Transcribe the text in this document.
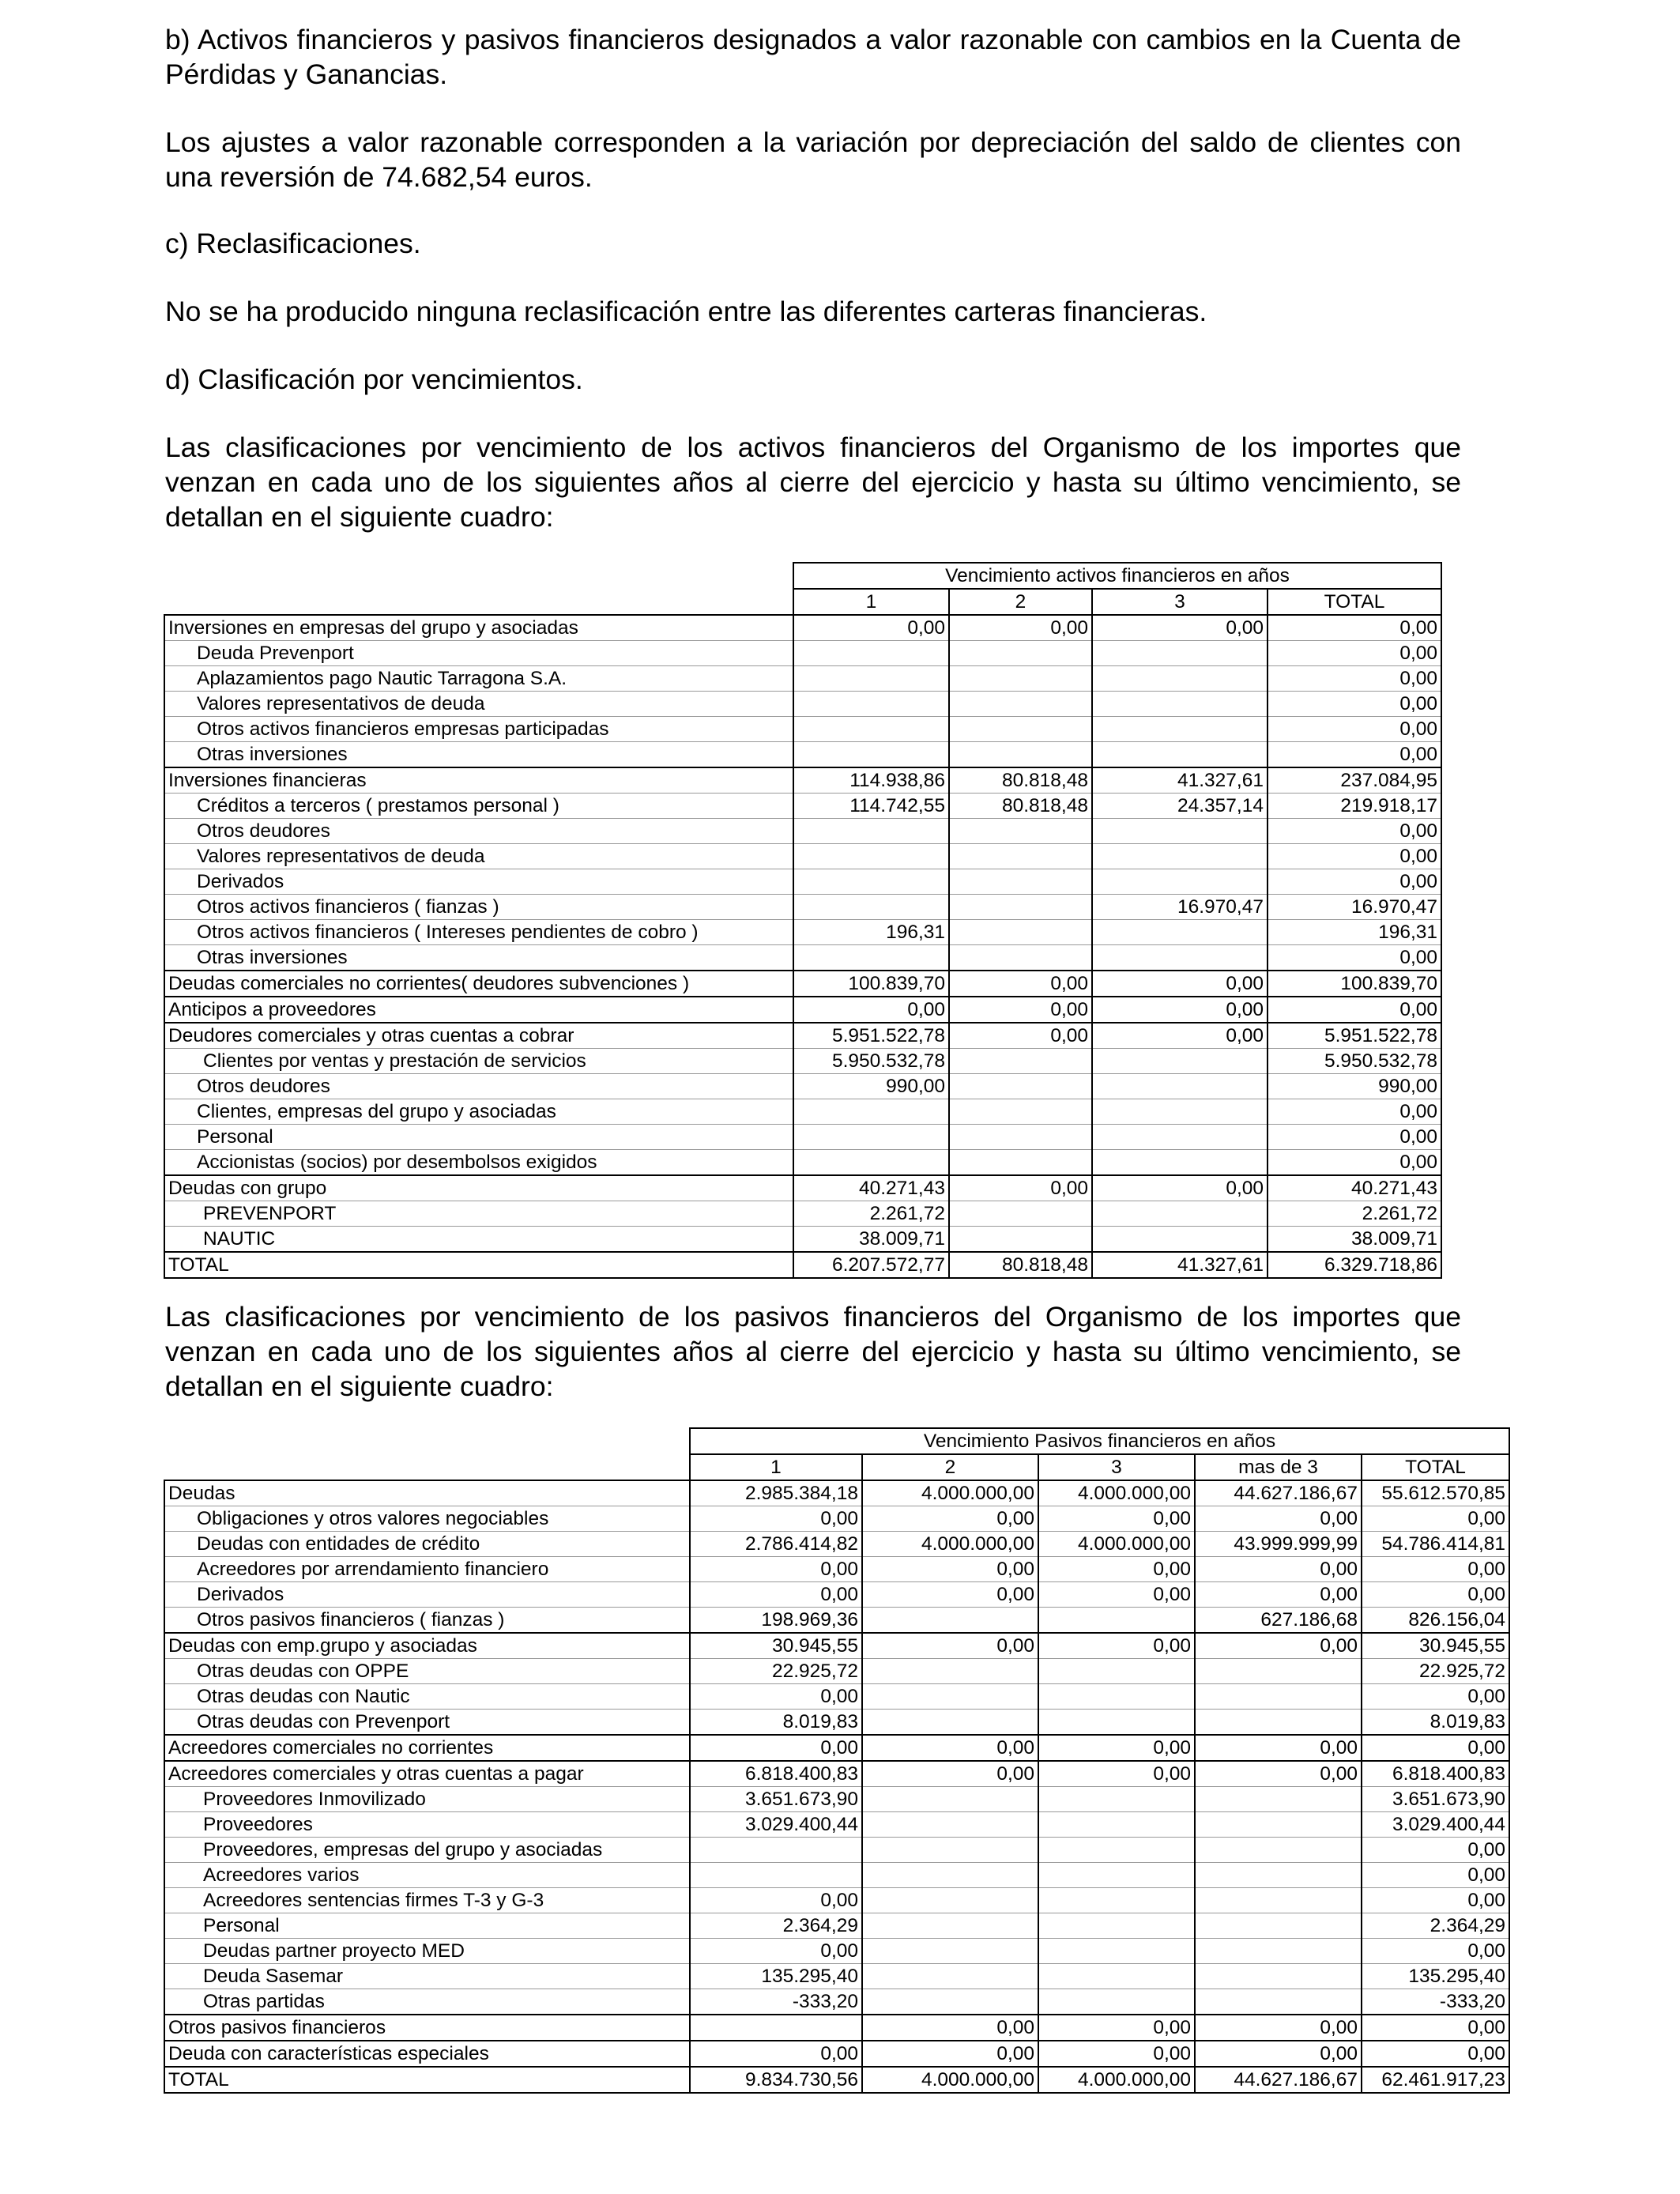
b) Activos financieros y pasivos financieros designados a valor razonable con cambios en la Cuenta de Pérdidas y Ganancias.

Los ajustes a valor razonable corresponden a la variación por depreciación del saldo de clientes con una reversión de 74.682,54 euros.

c) Reclasificaciones.

No se ha producido ninguna reclasificación entre las diferentes carteras financieras.

d) Clasificación por vencimientos.

Las clasificaciones por vencimiento de los activos financieros del Organismo de los importes que venzan en cada uno de los siguientes años al cierre del ejercicio y hasta su último vencimiento, se detallan en el siguiente cuadro:

	Vencimiento activos financieros en años			
	1	2	3	TOTAL
Inversiones en empresas del grupo y asociadas	0,00	0,00	0,00	0,00
Deuda Prevenport				0,00
Aplazamientos pago Nautic Tarragona S.A.				0,00
Valores representativos de deuda				0,00
Otros activos financieros empresas participadas				0,00
Otras inversiones				0,00
Inversiones financieras	114.938,86	80.818,48	41.327,61	237.084,95
Créditos a terceros ( prestamos personal )	114.742,55	80.818,48	24.357,14	219.918,17
Otros deudores				0,00
Valores representativos de deuda				0,00
Derivados				0,00
Otros activos financieros ( fianzas )			16.970,47	16.970,47
Otros activos financieros ( Intereses pendientes de cobro )	196,31			196,31
Otras inversiones				0,00
Deudas comerciales no corrientes( deudores subvenciones )	100.839,70	0,00	0,00	100.839,70
Anticipos a proveedores	0,00	0,00	0,00	0,00
Deudores comerciales y otras cuentas a cobrar	5.951.522,78	0,00	0,00	5.951.522,78
Clientes por ventas y prestación de servicios	5.950.532,78			5.950.532,78
Otros deudores	990,00			990,00
Clientes, empresas del grupo y asociadas				0,00
Personal				0,00
Accionistas (socios) por desembolsos exigidos				0,00
Deudas con grupo	40.271,43	0,00	0,00	40.271,43
PREVENPORT	2.261,72			2.261,72
NAUTIC	38.009,71			38.009,71
TOTAL	6.207.572,77	80.818,48	41.327,61	6.329.718,86

Las clasificaciones por vencimiento de los pasivos financieros del Organismo de los importes que venzan en cada uno de los siguientes años al cierre del ejercicio y hasta su último vencimiento, se detallan en el siguiente cuadro:

	Vencimiento Pasivos financieros en años				
	1	2	3	mas de 3	TOTAL
Deudas	2.985.384,18	4.000.000,00	4.000.000,00	44.627.186,67	55.612.570,85
Obligaciones y otros valores negociables	0,00	0,00	0,00	0,00	0,00
Deudas con entidades de crédito	2.786.414,82	4.000.000,00	4.000.000,00	43.999.999,99	54.786.414,81
Acreedores por arrendamiento financiero	0,00	0,00	0,00	0,00	0,00
Derivados	0,00	0,00	0,00	0,00	0,00
Otros pasivos financieros ( fianzas )	198.969,36			627.186,68	826.156,04
Deudas con emp.grupo y asociadas	30.945,55	0,00	0,00	0,00	30.945,55
Otras deudas con OPPE	22.925,72				22.925,72
Otras deudas con Nautic	0,00				0,00
Otras deudas con Prevenport	8.019,83				8.019,83
Acreedores comerciales no corrientes	0,00	0,00	0,00	0,00	0,00
Acreedores comerciales y otras cuentas a pagar	6.818.400,83	0,00	0,00	0,00	6.818.400,83
Proveedores Inmovilizado	3.651.673,90				3.651.673,90
Proveedores	3.029.400,44				3.029.400,44
Proveedores, empresas del grupo y asociadas					0,00
Acreedores varios					0,00
Acreedores sentencias firmes T-3 y G-3	0,00				0,00
Personal	2.364,29				2.364,29
Deudas partner proyecto MED	0,00				0,00
Deuda Sasemar	135.295,40				135.295,40
Otras partidas	-333,20				-333,20
Otros pasivos financieros		0,00	0,00	0,00	0,00
Deuda con características especiales	0,00	0,00	0,00	0,00	0,00
TOTAL	9.834.730,56	4.000.000,00	4.000.000,00	44.627.186,67	62.461.917,23
